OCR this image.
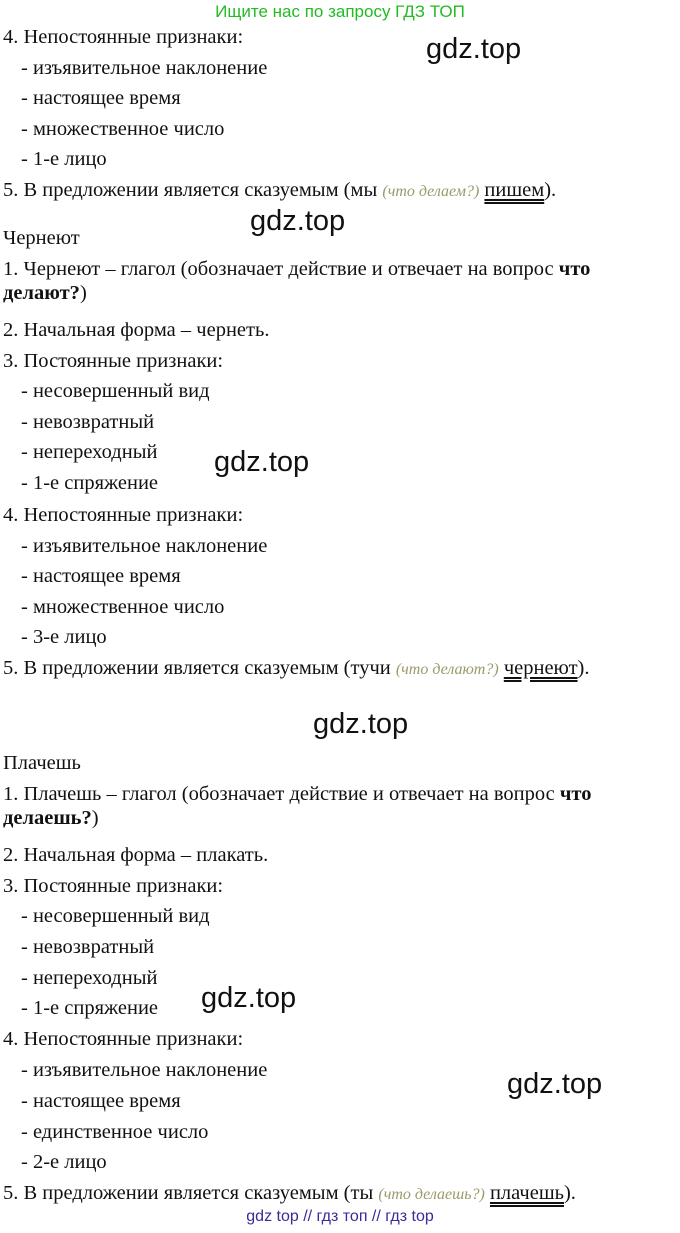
Ищите нас по запросу ГДЗ ТОП
4. Непостоянные признаки:
- изъявительное наклонение
- настоящее время
- множественное число
- 1-е лицо
5. В предложении является сказуемым (мы (что делаем?) пишем).
Чернеют
1. Чернеют – глагол (обозначает действие и отвечает на вопрос что делают?)
2. Начальная форма – чернеть.
3. Постоянные признаки:
- несовершенный вид
- невозвратный
- непереходный
- 1-е спряжение
4. Непостоянные признаки:
- изъявительное наклонение
- настоящее время
- множественное число
- 3-е лицо
5. В предложении является сказуемым (тучи (что делают?) чернеют).
Плачешь
1. Плачешь – глагол (обозначает действие и отвечает на вопрос что делаешь?)
2. Начальная форма – плакать.
3. Постоянные признаки:
- несовершенный вид
- невозвратный
- непереходный
- 1-е спряжение
4. Непостоянные признаки:
- изъявительное наклонение
- настоящее время
- единственное число
- 2-е лицо
5. В предложении является сказуемым (ты (что делаешь?) плачешь).
gdz.top
gdz.top
gdz.top
gdz.top
gdz.top
gdz.top
gdz top // гдз топ // гдз top
